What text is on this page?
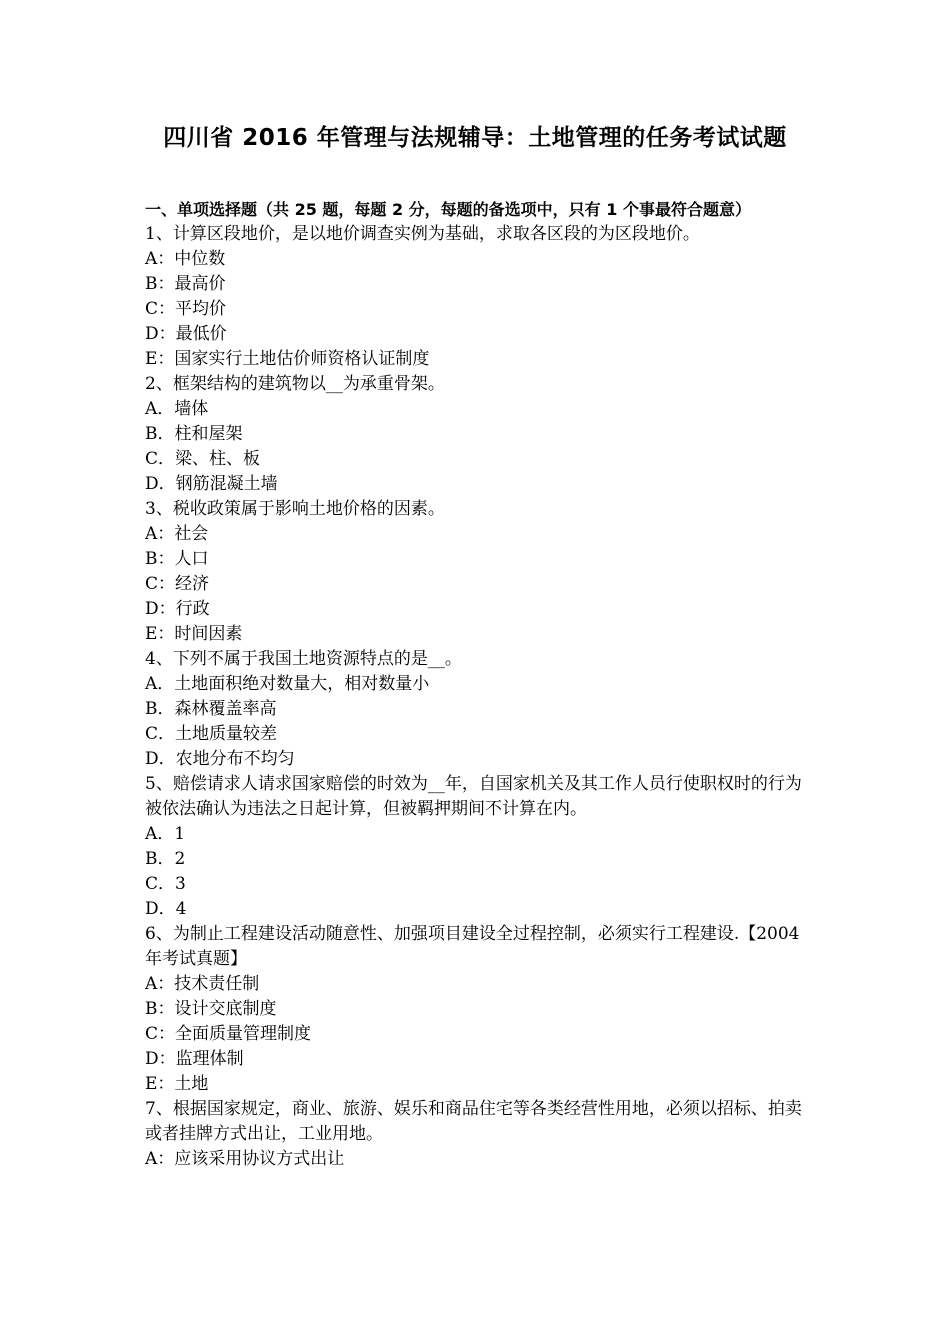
四川省 2016 年管理与法规辅导：土地管理的任务考试试题
一、单项选择题（共 25 题，每题 2 分，每题的备选项中，只有 1 个事最符合题意）
1、计算区段地价，是以地价调查实例为基础，求取各区段的为区段地价。
A：中位数
B：最高价
C：平均价
D：最低价
E：国家实行土地估价师资格认证制度
2、框架结构的建筑物以__为承重骨架。
A．墙体
B．柱和屋架
C．梁、柱、板
D．钢筋混凝土墙
3、税收政策属于影响土地价格的因素。
A：社会
B：人口
C：经济
D：行政
E：时间因素
4、下列不属于我国土地资源特点的是__。
A．土地面积绝对数量大，相对数量小
B．森林覆盖率高
C．土地质量较差
D．农地分布不均匀
5、赔偿请求人请求国家赔偿的时效为__年，自国家机关及其工作人员行使职权时的行为被依法确认为违法之日起计算，但被羁押期间不计算在内。
A．1
B．2
C．3
D．4
6、为制止工程建设活动随意性、加强项目建设全过程控制，必须实行工程建设.【2004 年考试真题】
A：技术责任制
B：设计交底制度
C：全面质量管理制度
D：监理体制
E：土地
7、根据国家规定，商业、旅游、娱乐和商品住宅等各类经营性用地，必须以招标、拍卖或者挂牌方式出让，工业用地。
A：应该采用协议方式出让
